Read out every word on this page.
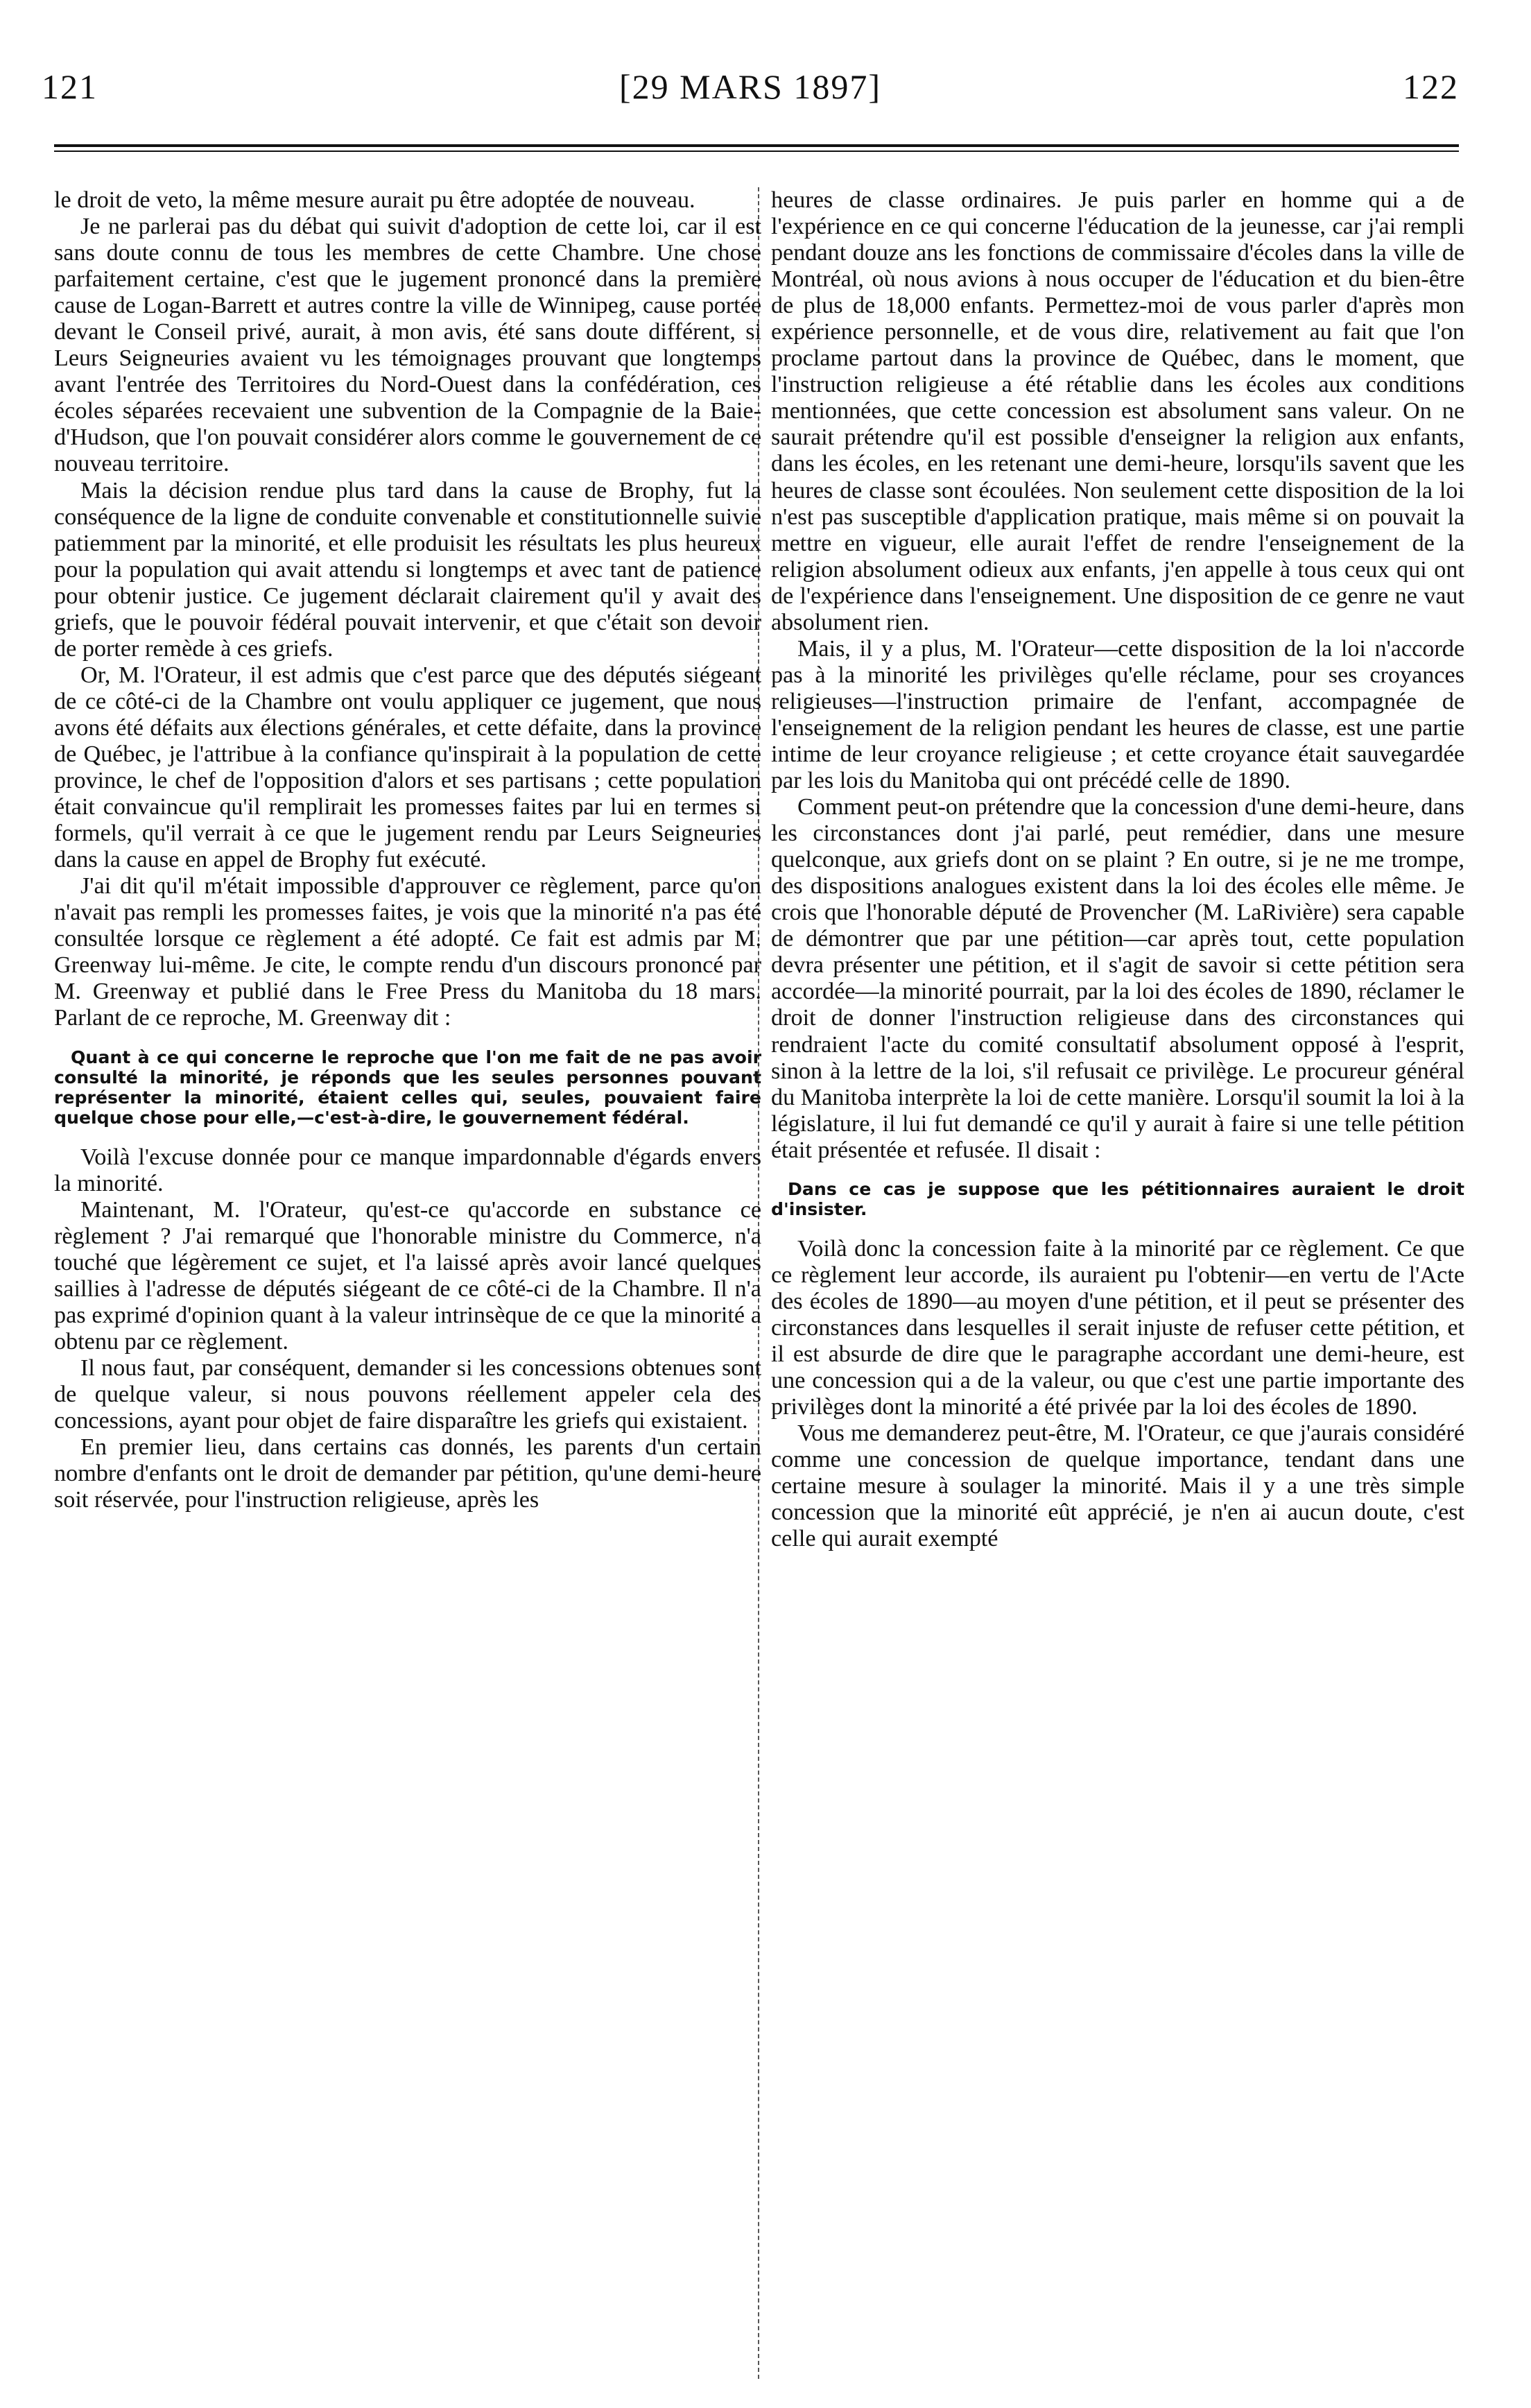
121	[29 MARS 1897]	122

le droit de veto, la même mesure aurait pu être adoptée de nouveau.

Je ne parlerai pas du débat qui suivit d'adoption de cette loi, car il est sans doute connu de tous les membres de cette Chambre. Une chose parfaitement certaine, c'est que le jugement prononcé dans la première cause de Logan-Barrett et autres contre la ville de Winnipeg, cause portée devant le Conseil privé, aurait, à mon avis, été sans doute différent, si Leurs Seigneuries avaient vu les témoignages prouvant que longtemps avant l'entrée des Territoires du Nord-Ouest dans la confédération, ces écoles séparées recevaient une subvention de la Compagnie de la Baie-d'Hudson, que l'on pouvait considérer alors comme le gouvernement de ce nouveau territoire.

Mais la décision rendue plus tard dans la cause de Brophy, fut la conséquence de la ligne de conduite convenable et constitutionnelle suivie patiemment par la minorité, et elle produisit les résultats les plus heureux pour la population qui avait attendu si longtemps et avec tant de patience pour obtenir justice. Ce jugement déclarait clairement qu'il y avait des griefs, que le pouvoir fédéral pouvait intervenir, et que c'était son devoir de porter remède à ces griefs.

Or, M. l'Orateur, il est admis que c'est parce que des députés siégeant de ce côté-ci de la Chambre ont voulu appliquer ce jugement, que nous avons été défaits aux élections générales, et cette défaite, dans la province de Québec, je l'attribue à la confiance qu'inspirait à la population de cette province, le chef de l'opposition d'alors et ses partisans ; cette population était convaincue qu'il remplirait les promesses faites par lui en termes si formels, qu'il verrait à ce que le jugement rendu par Leurs Seigneuries dans la cause en appel de Brophy fut exécuté.

J'ai dit qu'il m'était impossible d'approuver ce règlement, parce qu'on n'avait pas rempli les promesses faites, je vois que la minorité n'a pas été consultée lorsque ce règlement a été adopté. Ce fait est admis par M. Greenway lui-même. Je cite, le compte rendu d'un discours prononcé par M. Greenway et publié dans le Free Press du Manitoba du 18 mars. Parlant de ce reproche, M. Greenway dit :

Quant à ce qui concerne le reproche que l'on me fait de ne pas avoir consulté la minorité, je réponds que les seules personnes pouvant représenter la minorité, étaient celles qui, seules, pouvaient faire quelque chose pour elle,—c'est-à-dire, le gouvernement fédéral.

Voilà l'excuse donnée pour ce manque impardonnable d'égards envers la minorité.

Maintenant, M. l'Orateur, qu'est-ce qu'accorde en substance ce règlement ? J'ai remarqué que l'honorable ministre du Commerce, n'a touché que légèrement ce sujet, et l'a laissé après avoir lancé quelques saillies à l'adresse de députés siégeant de ce côté-ci de la Chambre. Il n'a pas exprimé d'opinion quant à la valeur intrinsèque de ce que la minorité a obtenu par ce règlement.

Il nous faut, par conséquent, demander si les concessions obtenues sont de quelque valeur, si nous pouvons réellement appeler cela des concessions, ayant pour objet de faire disparaître les griefs qui existaient.

En premier lieu, dans certains cas donnés, les parents d'un certain nombre d'enfants ont le droit de demander par pétition, qu'une demi-heure soit réservée, pour l'instruction religieuse, après les

heures de classe ordinaires. Je puis parler en homme qui a de l'expérience en ce qui concerne l'éducation de la jeunesse, car j'ai rempli pendant douze ans les fonctions de commissaire d'écoles dans la ville de Montréal, où nous avions à nous occuper de l'éducation et du bien-être de plus de 18,000 enfants. Permettez-moi de vous parler d'après mon expérience personnelle, et de vous dire, relativement au fait que l'on proclame partout dans la province de Québec, dans le moment, que l'instruction religieuse a été rétablie dans les écoles aux conditions mentionnées, que cette concession est absolument sans valeur. On ne saurait prétendre qu'il est possible d'enseigner la religion aux enfants, dans les écoles, en les retenant une demi-heure, lorsqu'ils savent que les heures de classe sont écoulées. Non seulement cette disposition de la loi n'est pas susceptible d'application pratique, mais même si on pouvait la mettre en vigueur, elle aurait l'effet de rendre l'enseignement de la religion absolument odieux aux enfants, j'en appelle à tous ceux qui ont de l'expérience dans l'enseignement. Une disposition de ce genre ne vaut absolument rien.

Mais, il y a plus, M. l'Orateur—cette disposition de la loi n'accorde pas à la minorité les privilèges qu'elle réclame, pour ses croyances religieuses—l'instruction primaire de l'enfant, accompagnée de l'enseignement de la religion pendant les heures de classe, est une partie intime de leur croyance religieuse ; et cette croyance était sauvegardée par les lois du Manitoba qui ont précédé celle de 1890.

Comment peut-on prétendre que la concession d'une demi-heure, dans les circonstances dont j'ai parlé, peut remédier, dans une mesure quelconque, aux griefs dont on se plaint ? En outre, si je ne me trompe, des dispositions analogues existent dans la loi des écoles elle même. Je crois que l'honorable député de Provencher (M. LaRivière) sera capable de démontrer que par une pétition—car après tout, cette population devra présenter une pétition, et il s'agit de savoir si cette pétition sera accordée—la minorité pourrait, par la loi des écoles de 1890, réclamer le droit de donner l'instruction religieuse dans des circonstances qui rendraient l'acte du comité consultatif absolument opposé à l'esprit, sinon à la lettre de la loi, s'il refusait ce privilège. Le procureur général du Manitoba interprète la loi de cette manière. Lorsqu'il soumit la loi à la législature, il lui fut demandé ce qu'il y aurait à faire si une telle pétition était présentée et refusée. Il disait :

Dans ce cas je suppose que les pétitionnaires auraient le droit d'insister.

Voilà donc la concession faite à la minorité par ce règlement. Ce que ce règlement leur accorde, ils auraient pu l'obtenir—en vertu de l'Acte des écoles de 1890—au moyen d'une pétition, et il peut se présenter des circonstances dans lesquelles il serait injuste de refuser cette pétition, et il est absurde de dire que le paragraphe accordant une demi-heure, est une concession qui a de la valeur, ou que c'est une partie importante des privilèges dont la minorité a été privée par la loi des écoles de 1890.

Vous me demanderez peut-être, M. l'Orateur, ce que j'aurais considéré comme une concession de quelque importance, tendant dans une certaine mesure à soulager la minorité. Mais il y a une très simple concession que la minorité eût apprécié, je n'en ai aucun doute, c'est celle qui aurait exempté
